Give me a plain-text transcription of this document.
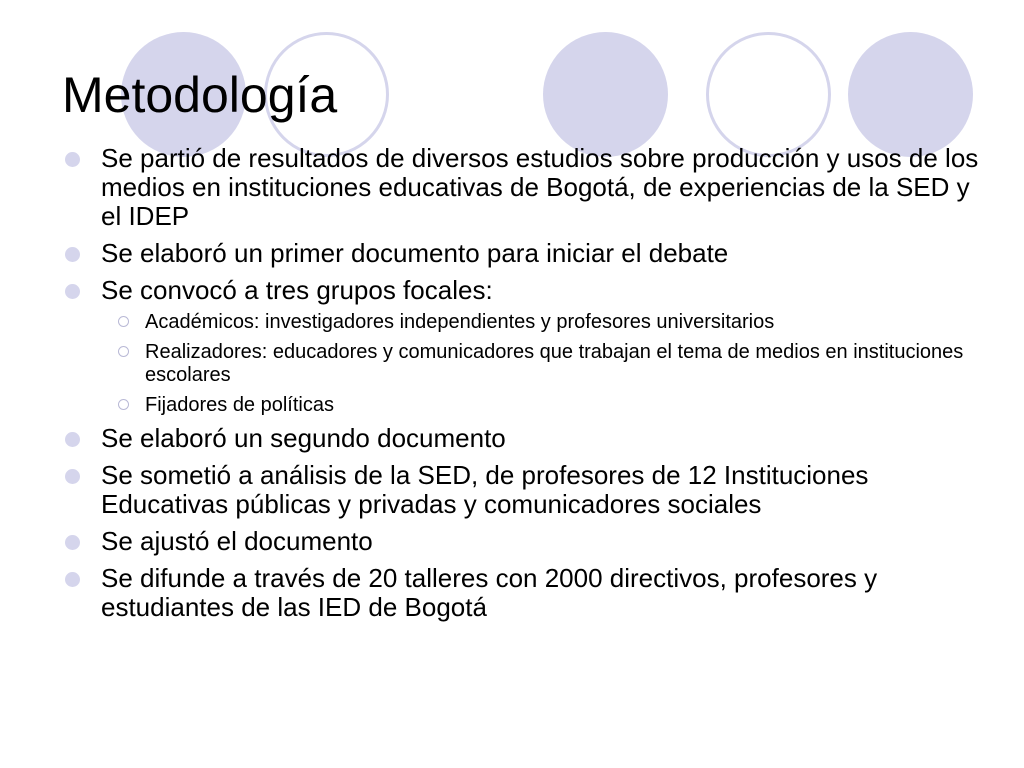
Metodología
Se partió de resultados de diversos estudios sobre producción y usos de los medios en instituciones educativas de Bogotá, de experiencias de la SED y el IDEP
Se elaboró un primer documento para iniciar el debate
Se convocó a tres grupos focales:
Académicos: investigadores independientes y profesores universitarios
Realizadores: educadores y comunicadores que trabajan el tema de medios en instituciones escolares
Fijadores de políticas
Se elaboró un segundo documento
Se sometió a análisis de la SED, de profesores de 12 Instituciones Educativas públicas y privadas y comunicadores sociales
Se ajustó el documento
Se difunde a través de 20 talleres con 2000 directivos, profesores y estudiantes de las IED de Bogotá
